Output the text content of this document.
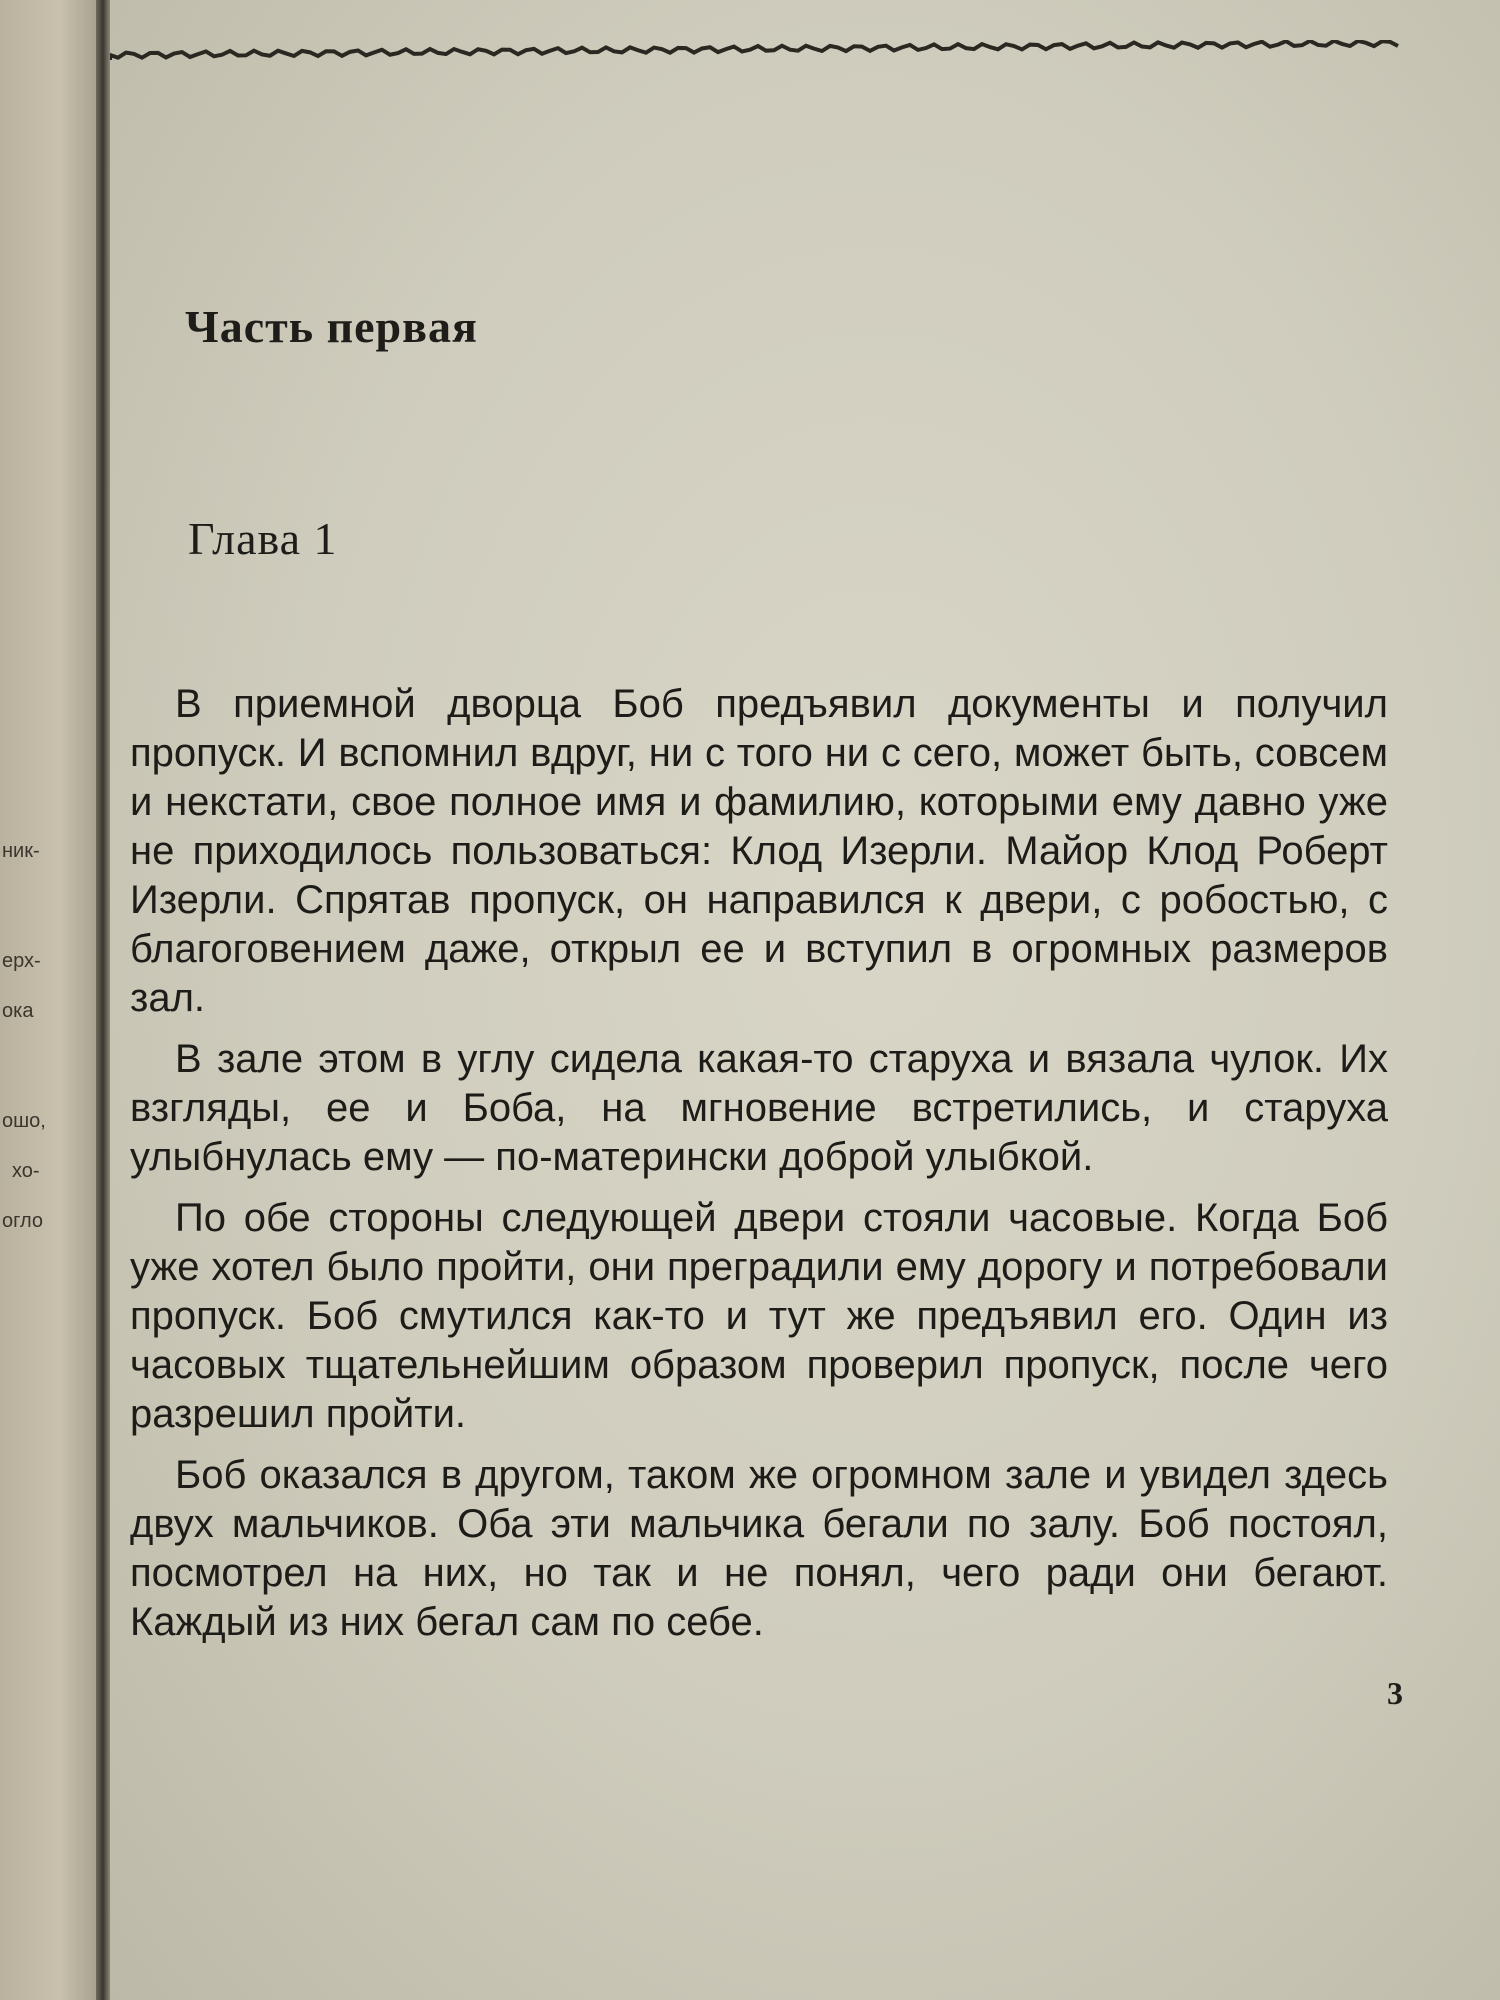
ник-
ерх-
ока
ошо,
хо-
огло
Часть первая
Глава 1

В приемной дворца Боб предъявил документы и получил пропуск. И вспомнил вдруг, ни с того ни с сего, может быть, совсем и некстати, свое полное имя и фамилию, которыми ему давно уже не приходилось пользоваться: Клод Изерли. Майор Клод Роберт Изерли. Спрятав пропуск, он направился к двери, с робостью, с благоговением даже, открыл ее и вступил в огромных размеров зал.

В зале этом в углу сидела какая-то старуха и вязала чулок. Их взгляды, ее и Боба, на мгновение встретились, и старуха улыбнулась ему — по-матерински доброй улыбкой.

По обе стороны следующей двери стояли часовые. Когда Боб уже хотел было пройти, они преградили ему дорогу и потребовали пропуск. Боб смутился как-то и тут же предъявил его. Один из часовых тщательнейшим образом проверил пропуск, после чего разрешил пройти.

Боб оказался в другом, таком же огромном зале и увидел здесь двух мальчиков. Оба эти мальчика бегали по залу. Боб постоял, посмотрел на них, но так и не понял, чего ради они бегают. Каждый из них бегал сам по себе.

3
